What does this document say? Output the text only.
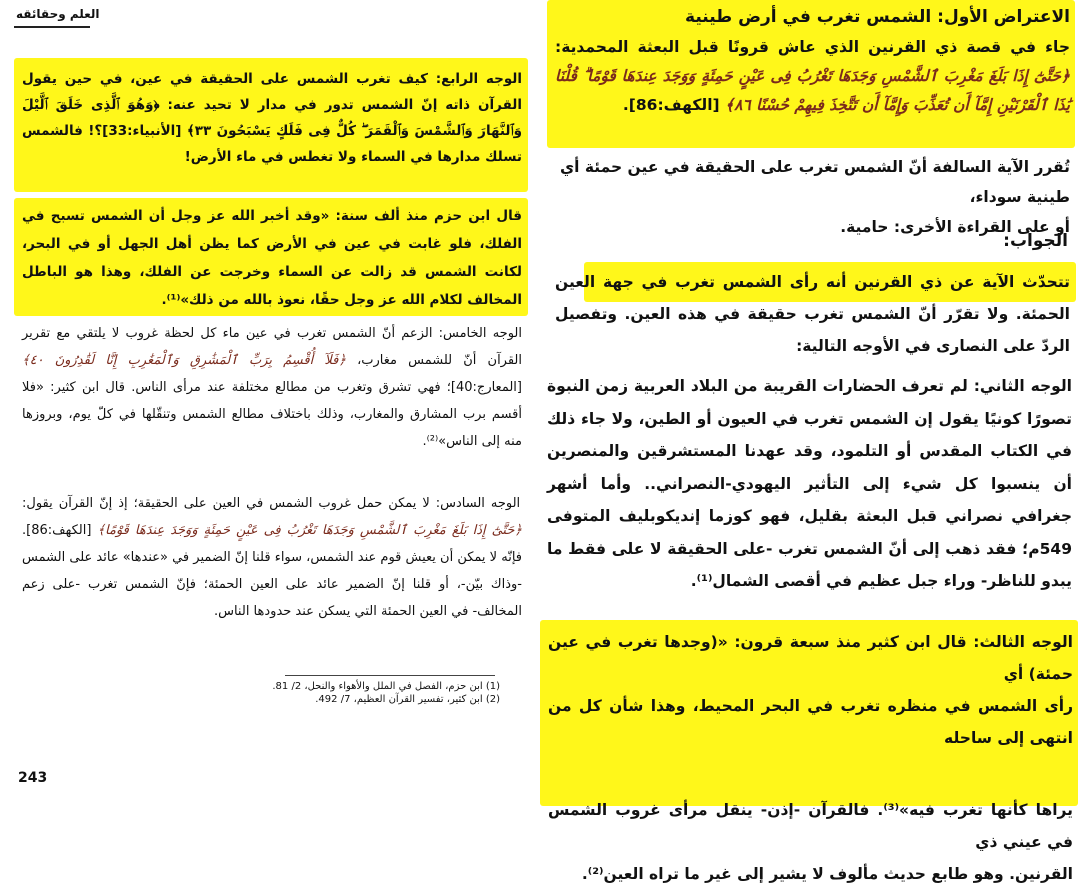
العلم وحقائقه	الاعتراض الأول: الشمس تغرب في أرض طينية
جاء في قصة ذي القرنين الذي عاش قرونًا قبل البعثة المحمدية: ﴿حَتَّىٰٓ إِذَا بَلَغَ مَغْرِبَ ٱلشَّمْسِ وَجَدَهَا تَغْرُبُ فِى عَيْنٍ حَمِئَةٍ وَوَجَدَ عِندَهَا قَوْمًا ۗ قُلْنَا يَٰذَا ٱلْقَرْنَيْنِ إِمَّآ أَن تُعَذِّبَ وَإِمَّآ أَن تَتَّخِذَ فِيهِمْ حُسْنًا ٨٦﴾ [الكهف:86].
تُقرر الآية السالفة أنّ الشمس تغرب على الحقيقة في عين حمئة أي طينية سوداء،
أو على القراءة الأخرى: حامية.
الجواب:
تتحدّث الآية عن ذي القرنين أنه رأى الشمس تغرب في جهة العين الحمئة. ولا تقرّر أنّ الشمس تغرب حقيقة في هذه العين. وتفصيل الردّ على النصارى في الأوجه التالية:
الوجه الثاني: لم تعرف الحضارات القريبة من البلاد العربية زمن النبوة تصورًا كونيًا يقول إن الشمس تغرب في العيون أو الطين، ولا جاء ذلك في الكتاب المقدس أو التلمود، وقد عهدنا المستشرقين والمنصرين أن ينسبوا كل شيء إلى التأثير اليهودي-النصراني.. وأما أشهر جغرافي نصراني قبل البعثة بقليل، فهو كوزما إنديكوبليف المتوفى 549م؛ فقد ذهب إلى أنّ الشمس تغرب -على الحقيقة لا على فقط ما يبدو للناظر- وراء جبل عظيم في أقصى الشمال⁽¹⁾.
الوجه الثالث: قال ابن كثير منذ سبعة قرون: «(وجدها تغرب في عين حمئة) أي
رأى الشمس في منظره تغرب في البحر المحيط، وهذا شأن كل من انتهى إلى ساحله
يراها كأنها تغرب فيه»⁽³⁾. فالقرآن -إذن- ينقل مرأى غروب الشمس في عيني ذي
القرنين. وهو طابع حديث مألوف لا يشير إلى غير ما تراه العين⁽²⁾.
الوجه الرابع: كيف تغرب الشمس على الحقيقة في عين، في حين يقول القرآن ذاته إنّ الشمس تدور في مدار لا تحيد عنه: ﴿وَهُوَ ٱلَّذِى خَلَقَ ٱلَّيْلَ وَٱلنَّهَارَ وَٱلشَّمْسَ وَٱلْقَمَرَ ۖ كُلٌّ فِى فَلَكٍ يَسْبَحُونَ ٣٣﴾ [الأنبياء:33]؟! فالشمس تسلك مدارها في السماء ولا تغطس في ماء الأرض!
قال ابن حزم منذ ألف سنة: «وقد أخبر الله عز وجل أن الشمس تسبح في الفلك، فلو غابت في عين في الأرض كما يظن أهل الجهل أو في البحر، لكانت الشمس قد زالت عن السماء وخرجت عن الفلك، وهذا هو الباطل المخالف لكلام الله عز وجل حقًا، نعوذ بالله من ذلك»⁽¹⁾.
الوجه الخامس: الزعم أنّ الشمس تغرب في عين ماء كل لحظة غروب لا يلتقي مع تقرير القرآن أنّ للشمس مغارب، ﴿فَلَآ أُقْسِمُ بِرَبِّ ٱلْمَشَٰرِقِ وَٱلْمَغَٰرِبِ إِنَّا لَقَٰدِرُونَ ٤٠﴾ [المعارج:40]؛ فهي تشرق وتغرب من مطالع مختلفة عند مرأى الناس. قال ابن كثير: «فلا أقسم برب المشارق والمغارب، وذلك باختلاف مطالع الشمس وتنقّلها في كلّ يوم، وبروزها منه إلى الناس»⁽²⁾.
الوجه السادس: لا يمكن حمل غروب الشمس في العين على الحقيقة؛ إذ إنّ القرآن يقول: ﴿حَتَّىٰٓ إِذَا بَلَغَ مَغْرِبَ ٱلشَّمْسِ وَجَدَهَا تَغْرُبُ فِى عَيْنٍ حَمِئَةٍ وَوَجَدَ عِندَهَا قَوْمًا﴾ [الكهف:86]. فإنّه لا يمكن أن يعيش قوم عند الشمس، سواء قلنا إنّ الضمير في «عندها» عائد على الشمس -وذاك بيّن-، أو قلنا إنّ الضمير عائد على العين الحمئة؛ فإنّ الشمس تغرب -على زعم المخالف- في العين الحمئة التي يسكن عند حدودها الناس.
(1) ابن حزم، الفصل في الملل والأهواء والنحل، 2/ 81.
(2) ابن كثير، تفسير القرآن العظيم، 7/ 492.
243
